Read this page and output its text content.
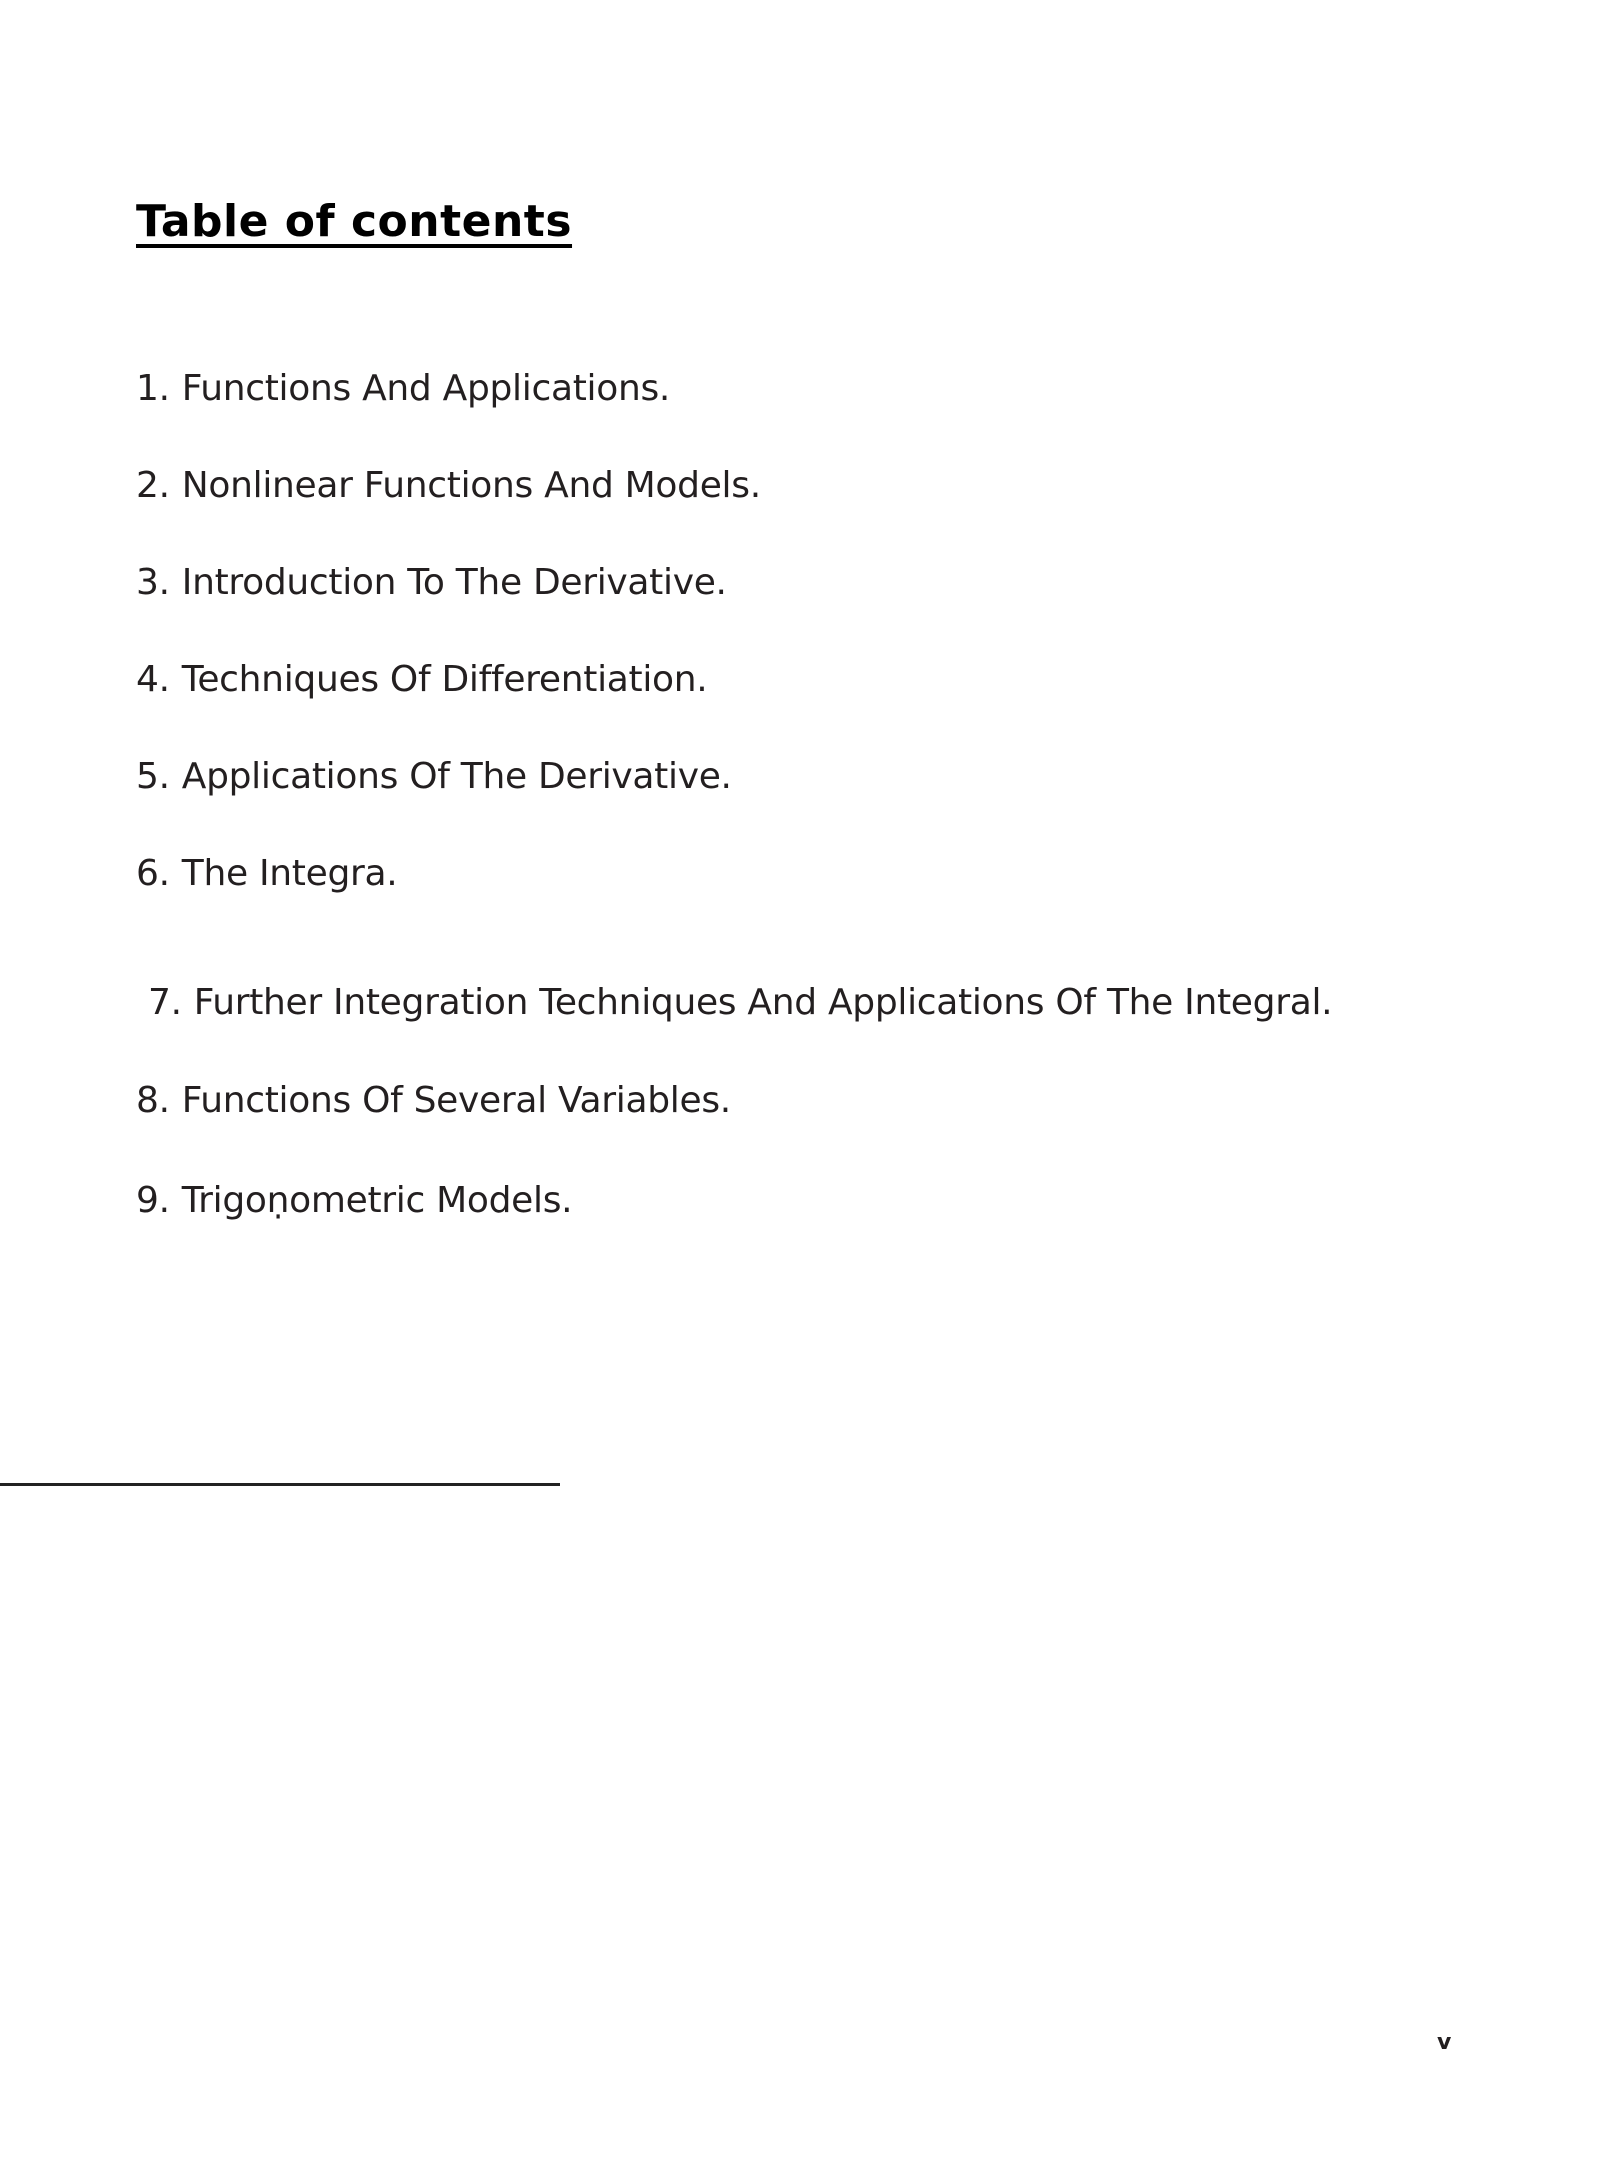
Table of contents
1. Functions And Applications.
2. Nonlinear Functions And Models.
3. Introduction To The Derivative.
4. Techniques Of Differentiation.
5. Applications Of The Derivative.
6. The Integra.
7. Further Integration Techniques And Applications Of The Integral.
8. Functions Of Several Variables.
9. Trigoṇometric Models.
v
